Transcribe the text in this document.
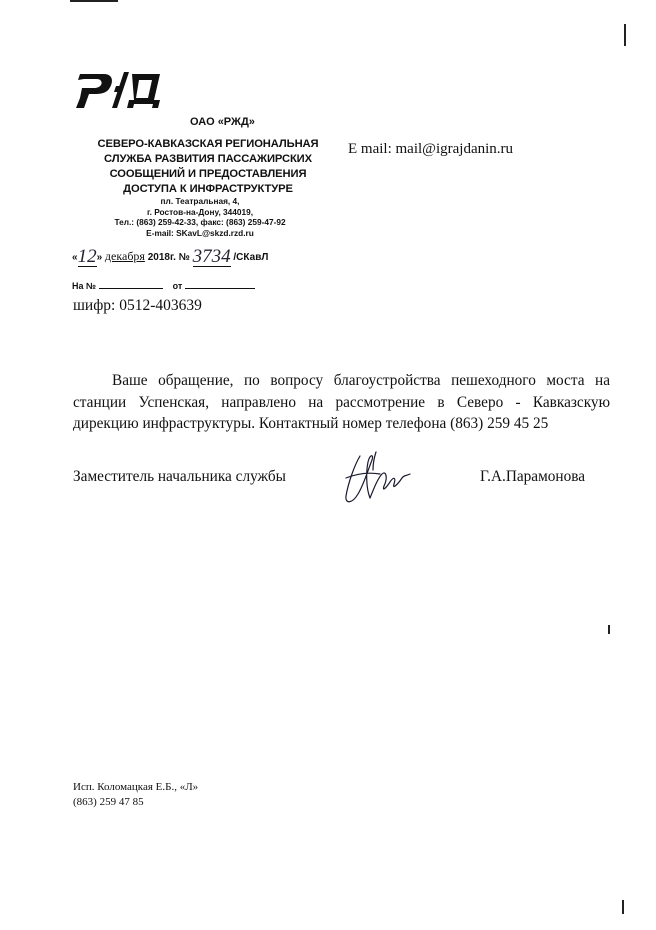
ОАО «РЖД»
СЕВЕРО-КАВКАЗСКАЯ РЕГИОНАЛЬНАЯ
СЛУЖБА РАЗВИТИЯ ПАССАЖИРСКИХ
СООБЩЕНИЙ И ПРЕДОСТАВЛЕНИЯ
ДОСТУПА К ИНФРАСТРУКТУРЕ
пл. Театральная, 4,
г. Ростов-на-Дону, 344019,
Тел.: (863) 259-42-33, факс: (863) 259-47-92
E-mail: SKavL@skzd.rzd.ru
E mail: mail@igrajdanin.ru
«12» декабря 2018г. № 3734 /СКавЛ
На №	от
шифр: 0512-403639
Ваше обращение, по вопросу благоустройства пешеходного моста на станции Успенская, направлено на рассмотрение в Северо - Кавказскую дирекцию инфраструктуры. Контактный номер телефона (863) 259 45 25
Заместитель начальника службы	Г.А.Парамонова
Исп. Коломацкая Е.Б., «Л»
(863) 259 47 85
